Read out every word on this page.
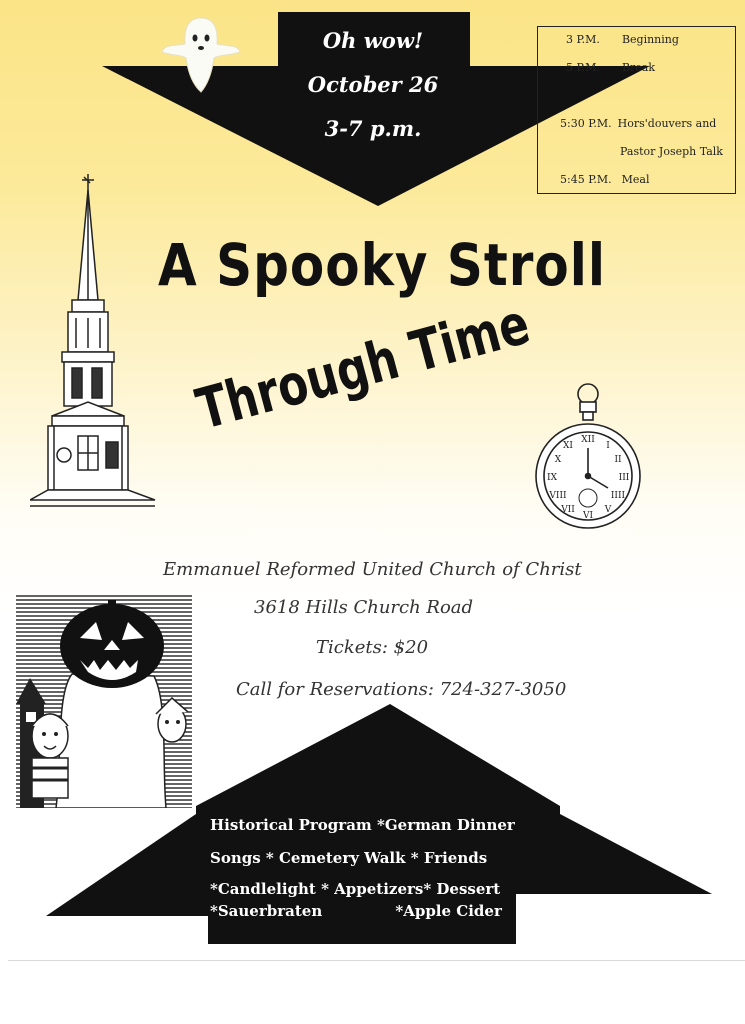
Oh wow!
October 26
3-7 p.m.
3 P.M. Beginning
5 P.M. Break
5:30 P.M. Hors'douvers and
Pastor Joseph Talk
5:45 P.M. Meal
A Spooky Stroll
Through Time	XII
III
VI
IX
I
II
IIII
V
VII
VIII
X
XI
Emmanuel Reformed United Church of Christ
3618 Hills Church Road
Tickets: $20
Call for Reservations: 724-327-3050
Historical Program *German Dinner
Songs * Cemetery Walk * Friends
*Candlelight * Appetizers* Dessert
*Sauerbraten              *Apple Cider
